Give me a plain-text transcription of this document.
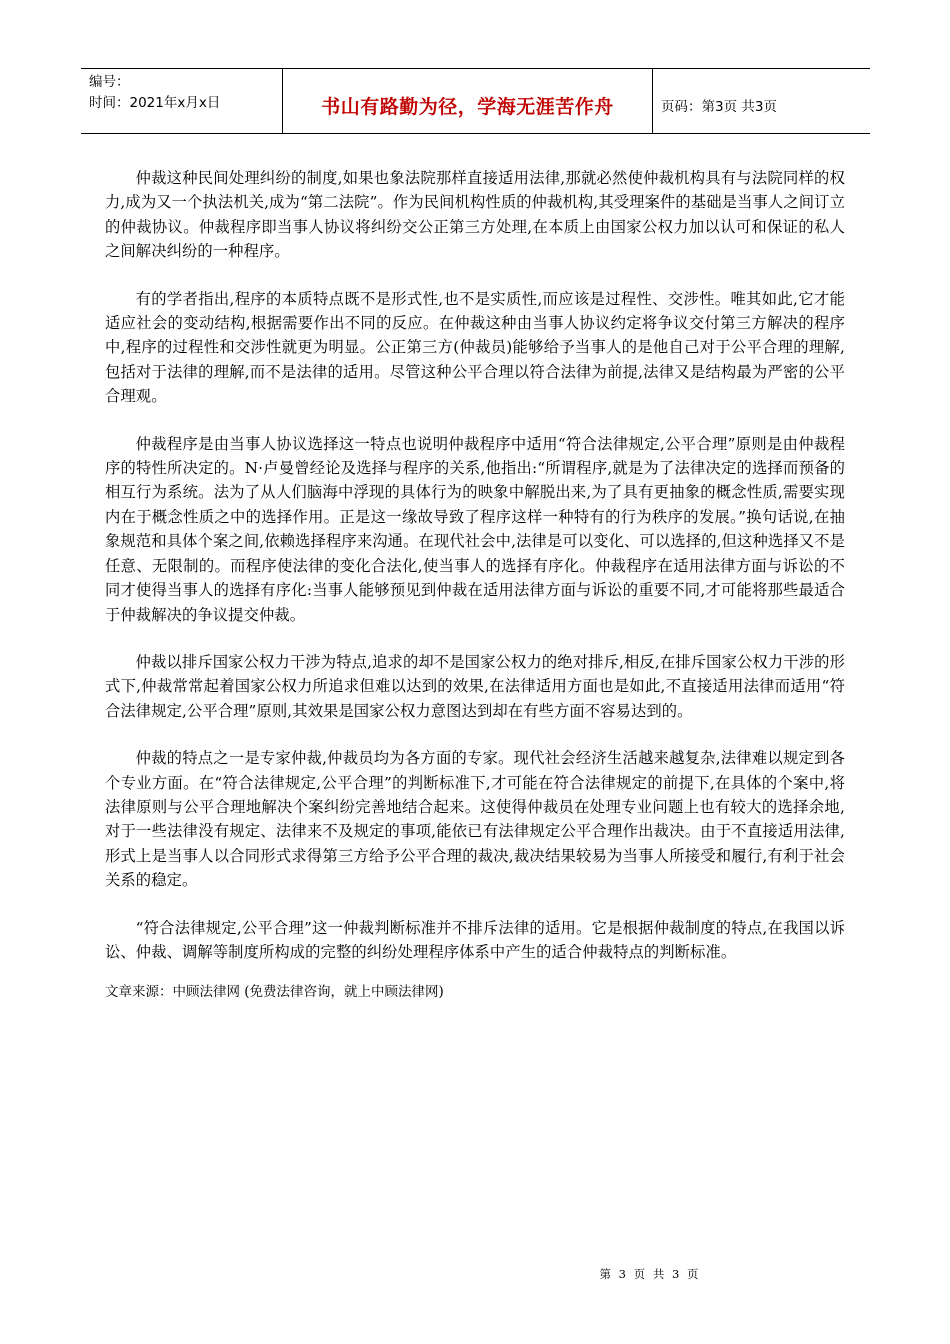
编号：
时间：2021年x月x日	书山有路勤为径，学海无涯苦作舟	页码：第3页 共3页

仲裁这种民间处理纠纷的制度,如果也象法院那样直接适用法律,那就必然使仲裁机构具有与法院同样的权力,成为又一个执法机关,成为“第二法院”。作为民间机构性质的仲裁机构,其受理案件的基础是当事人之间订立的仲裁协议。仲裁程序即当事人协议将纠纷交公正第三方处理,在本质上由国家公权力加以认可和保证的私人之间解决纠纷的一种程序。

有的学者指出,程序的本质特点既不是形式性,也不是实质性,而应该是过程性、交涉性。唯其如此,它才能适应社会的变动结构,根据需要作出不同的反应。在仲裁这种由当事人协议约定将争议交付第三方解决的程序中,程序的过程性和交涉性就更为明显。公正第三方(仲裁员)能够给予当事人的是他自己对于公平合理的理解,包括对于法律的理解,而不是法律的适用。尽管这种公平合理以符合法律为前提,法律又是结构最为严密的公平合理观。

仲裁程序是由当事人协议选择这一特点也说明仲裁程序中适用“符合法律规定,公平合理”原则是由仲裁程序的特性所决定的。N·卢曼曾经论及选择与程序的关系,他指出:“所谓程序,就是为了法律决定的选择而预备的相互行为系统。法为了从人们脑海中浮现的具体行为的映象中解脱出来,为了具有更抽象的概念性质,需要实现内在于概念性质之中的选择作用。正是这一缘故导致了程序这样一种特有的行为秩序的发展。”换句话说,在抽象规范和具体个案之间,依赖选择程序来沟通。在现代社会中,法律是可以变化、可以选择的,但这种选择又不是任意、无限制的。而程序使法律的变化合法化,使当事人的选择有序化。仲裁程序在适用法律方面与诉讼的不同才使得当事人的选择有序化:当事人能够预见到仲裁在适用法律方面与诉讼的重要不同,才可能将那些最适合于仲裁解决的争议提交仲裁。

仲裁以排斥国家公权力干涉为特点,追求的却不是国家公权力的绝对排斥,相反,在排斥国家公权力干涉的形式下,仲裁常常起着国家公权力所追求但难以达到的效果,在法律适用方面也是如此,不直接适用法律而适用“符合法律规定,公平合理”原则,其效果是国家公权力意图达到却在有些方面不容易达到的。

仲裁的特点之一是专家仲裁,仲裁员均为各方面的专家。现代社会经济生活越来越复杂,法律难以规定到各个专业方面。在“符合法律规定,公平合理”的判断标准下,才可能在符合法律规定的前提下,在具体的个案中,将法律原则与公平合理地解决个案纠纷完善地结合起来。这使得仲裁员在处理专业问题上也有较大的选择余地,对于一些法律没有规定、法律来不及规定的事项,能依已有法律规定公平合理作出裁决。由于不直接适用法律,形式上是当事人以合同形式求得第三方给予公平合理的裁决,裁决结果较易为当事人所接受和履行,有利于社会关系的稳定。

“符合法律规定,公平合理”这一仲裁判断标准并不排斥法律的适用。它是根据仲裁制度的特点,在我国以诉讼、仲裁、调解等制度所构成的完整的纠纷处理程序体系中产生的适合仲裁特点的判断标准。

文章来源：中顾法律网 (免费法律咨询，就上中顾法律网)
第 3 页 共 3 页
